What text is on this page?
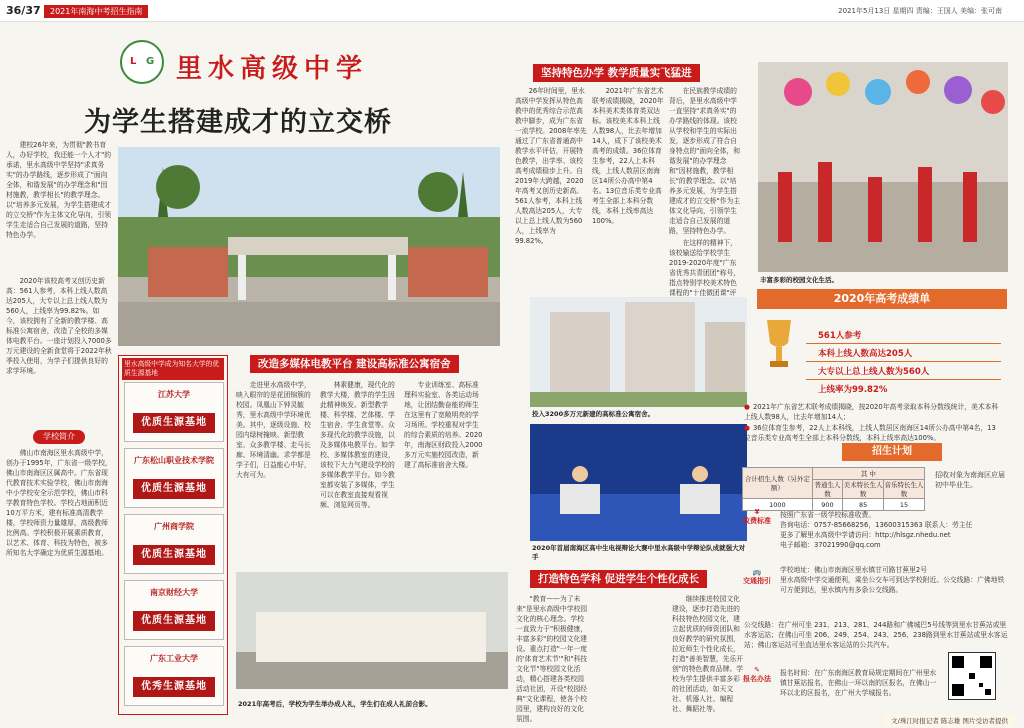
36/37	2021年南海中考招生指南	2021年5月13日 星期四 责编：王国人 美编：张可南
L G 里水高级中学
为学生搭建成才的立交桥

建校26年来，为贯彻"教书育人，办好学校，我还能一个人才"的承诺，里水高级中学坚持"求真务实"的办学路线，逐步形成了"面向全体，和谐发展"的办学理念和"因材施教，教学相长"的教学理念。以"培养多元发展，为学生搭建成才的立交桥"作为主体文化导向，引领学生走适合自己发展的道路，坚持特色办学。

2020年该校高考又创历史新高：561人参考，本科上线人数高达205人，大专以上总上线人数为560人，上线率为99.82%。如今，该校拥有了全新的教学楼、高标准公寓宿舍，改造了全校的多媒体电教平台。一座计划投入7000多万元建设的全新食堂将于2022年秋季投入使用，为学子们提供良好的求学环境。

里水高级中学成为知名大学的优质生源基地
江苏大学
优质生源基地
广东松山职业技术学院
优质生源基地
广州商学院
优质生源基地
南京财经大学
优质生源基地
广东工业大学
优秀生源基地
学校简介

佛山市南海区里水高级中学，创办于1995年，广东省一级学校，佛山市南海区区属高中。广东省现代教育技术实验学校，佛山市南海中小学校安全示范学校，佛山市科学教育特色学校。学校占地面积近10万平方米，建有标准高清教学楼，学校师资力量雄厚，高级教师比例高。学校积极开展素质教育，以艺术、体育、科技为特色，被多所知名大学确定为优质生源基地。

坚持特色办学 教学质量实飞猛进

26年时间里，里水高级中学发挥从特色高教中的优秀综合示范高教中脚步，成为广东省一流学校。2008年率先通过了广东省普通高中教学水平评估，开展特色教学，出学率、该校高考成绩稳步上升。自2019年大跨越，2020年高考又创历史新高。561人参考，本科上线人数高达205人，大专以上总上线人数为560人，上线率为99.82%。

2021年广东省艺术联考成绩揭晓，2020年本科美术类体育类双达标。该校美术本科上线人数98人，比去年增加14人，成下了该校美术高考的成绩。36位体育生参考，22人上本科线，上线人数居区南海区14所公办高中第4名。13位音乐类专业高考生全部上本科分数线，本科上线率高达100%。

在民族教学成绩的背后，是里水高级中学一直坚持"求真务实"的办学路线的体现。该校从学校和学生的实际出发，逐步形成了符合自身特点的"面向全体，和谐发展"的办学理念和"因材施教，教学相长"的教学理念。以"培养多元发展，为学生搭建成才的立交桥"作为主体文化导向，引领学生走适合自己发展的道路，坚持特色办学。

在这样的精神下，该校输送给学校学生2019-2020年度"广东省优秀共青团团"称号，指点特别学校美术特色课程的"十佳微团课"评

丰富多彩的校园文化生活。
改造多媒体电教平台 建设高标准公寓宿舍

走进里水高级中学，映入眼帘的是花团锦簇的校园。凤凰山下钟灵毓秀，里水高级中学环境优美。其中，逐级设施、校园内绿树掩映、新型教室、众多教学楼、走马长廊、环境清幽。求学都是学子们，日益能心中好，大有可为。

林素健康，现代化的教学大楼，教学的学生因此精神焕发。新型教学楼、科学楼、艺体楼、学生宿舍、学生食堂等。众多现代化的教学设施，以及多媒体电教平台。如学校、多媒体教室的建设，该校下大力气建设学校的多媒体教学平台。如今教室都安装了多媒体，学生可以在教室直接观看视频、浏览网页等。

专业训练室、高标准理科实验室、各类运动场地，让团结勤奋能的师生在这里有了宽敞明亮的学习场所。学校重视对学生的综合素质的培养。2020年，南海区财政投入2000多万元实施校园改造，新建了高标准宿舍大楼。

投入3200多万元新建的高标准公寓宿舍。
2020年首届南海区高中生电视辩论大赛中里水高级中学辩论队成就强大对手
2021年高考后，学校为学生举办成人礼，学生们在成人礼前合影。
打造特色学科 促进学生个性化成长

"教育——为了未来"是里水高级中学校园文化的核心理念。学校一直致力于"积极健康，丰富多彩"的校园文化建设。重点打造"一年一度的'体育艺术节'"和"科技文化节"等校园文化活动，精心搭建各类校园活动社团，开设"校园经典"文化课程，使各个校园里，建构良好的文化氛围。

继续推进校园文化建设，逐步打造先进的科技特色校园文化，建立起优质的师资团队和良好教学的研究氛围，拉近师生个性化成长，打造"善美智慧，先乐开创"的特色教育品牌。学校为学生提供丰富多彩的社团活动，如天文社、机器人社、编程社、舞蹈社等。

2020年高考成绩单
561人参考
本科上线人数高达205人
大专以上总上线人数为560人
上线率为99.82%
● 2021年广东省艺术联考成绩揭晓，按2020年高考录取本科分数线统计，美术本科上线人数98人，比去年增加14人；
● 36位体育生参考，22人上本科线，上线人数居区南海区14所公办高中第4名，13位音乐类专业高考生全部上本科分数线，本科上线率高达100%。
招生计划
合计招生人数（另外定额）	其 中		
	普通生人数	美术特长生人数	音乐特长生人数
1000	900	85	15
招收对象为南海区应届初中毕业生。
¥
收费标准
按照广东省一级学校标准收费。
咨询电话：0757-85668256，13600315363 联系人：劳主任
更多了解里水高级中学请访问：http://hlsgz.nhedu.net
电子邮箱：37021990@qq.com
🚌
交通指引
学校地址：佛山市南海区里水镇甘可路甘蕉里2号
里水高级中学交通便利，乘坐公交车可到达学校附近。公交线路：广佛地铁可方便到达，里水镇内有多条公交线路。
公交线路：在广州可坐 231、213、281、244路和广佛城巴5号线等到里水甘蕉站或里水客运站；在佛山可坐 206、249、254、243、256、238路到里水甘蕉站或里水客运站；佛山客运站可坐直达里水客运站的公共汽车。
✎
报名办法
报名时间：在广东南海区教育局规定期间在广州里水镇甘蕉站报名，在佛山一环以南的区报名，在佛山一环以北的区报名，在广州大学城报名。
文/珠江时报记者 陈志雄 图片受访者提供
